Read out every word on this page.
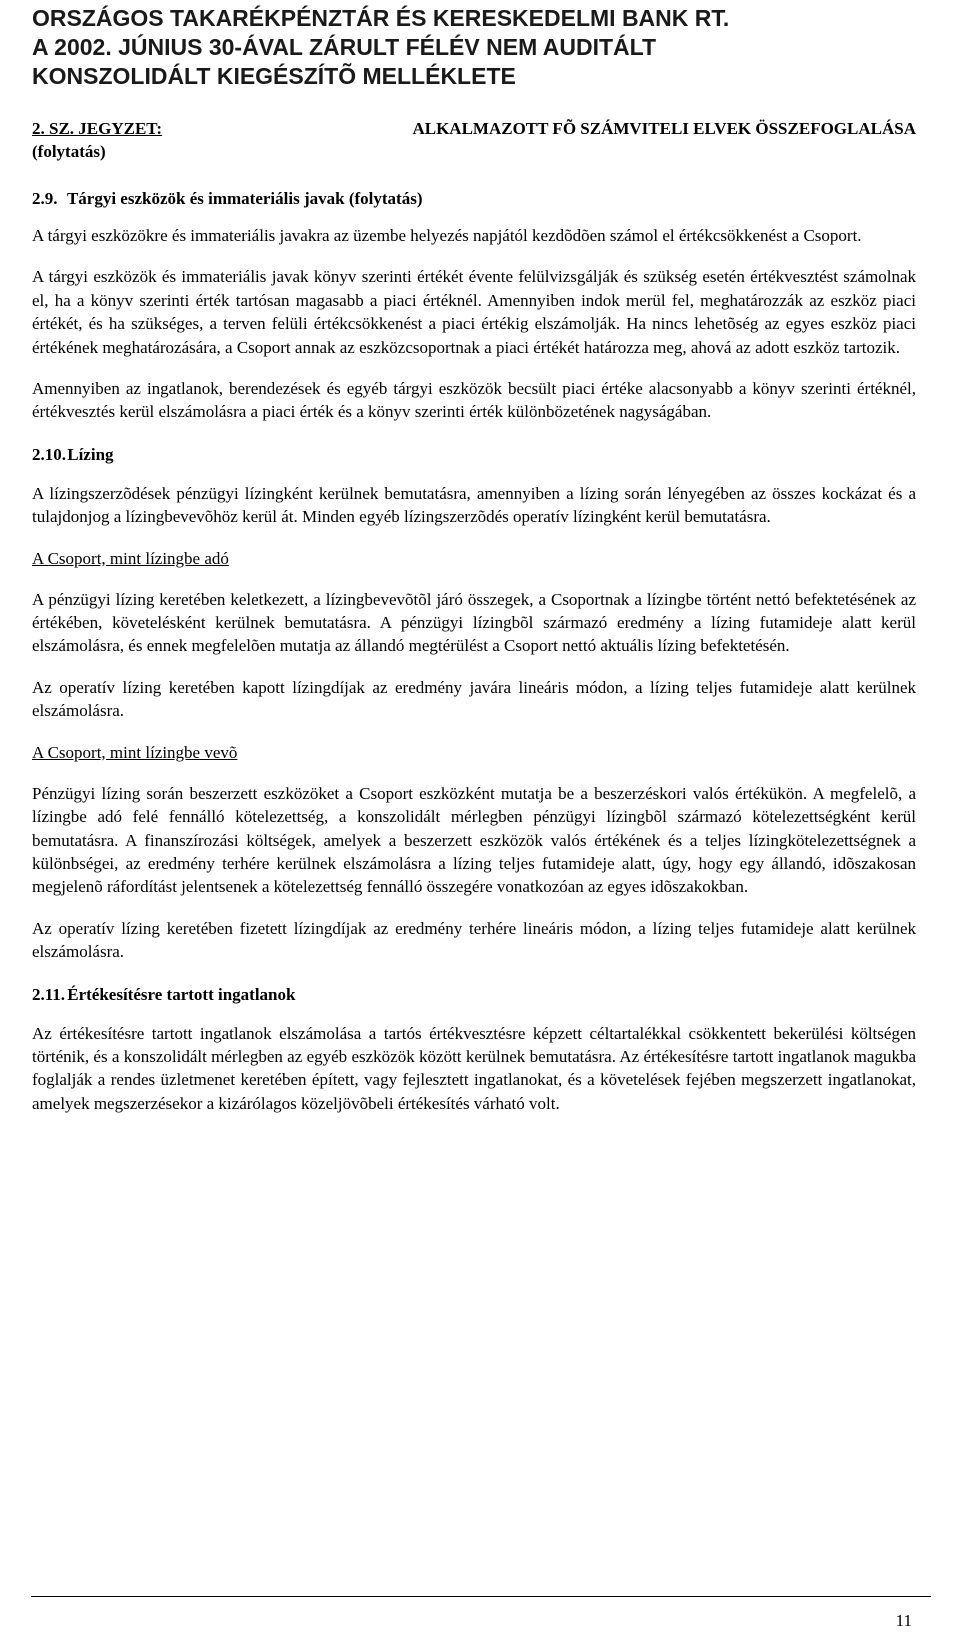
ORSZÁGOS TAKARÉKPÉNZTÁR ÉS KERESKEDELMI BANK RT.
A 2002. JÚNIUS 30-ÁVAL ZÁRULT FÉLÉV NEM AUDITÁLT
KONSZOLIDÁLT KIEGÉSZÍTÕ MELLÉKLETE
2. SZ. JEGYZET:	ALKALMAZOTT FÕ SZÁMVITELI ELVEK ÖSSZEFOGLALÁSA
(folytatás)
2.9. Tárgyi eszközök és immateriális javak (folytatás)

A tárgyi eszközökre és immateriális javakra az üzembe helyezés napjától kezdõdõen számol el értékcsökkenést a Csoport.

A tárgyi eszközök és immateriális javak könyv szerinti értékét évente felülvizsgálják és szükség esetén értékvesztést számolnak el, ha a könyv szerinti érték tartósan magasabb a piaci értéknél. Amennyiben indok merül fel, meghatározzák az eszköz piaci értékét, és ha szükséges, a terven felüli értékcsökkenést a piaci értékig elszámolják. Ha nincs lehetõség az egyes eszköz piaci értékének meghatározására, a Csoport annak az eszközcsoportnak a piaci értékét határozza meg, ahová az adott eszköz tartozik.

Amennyiben az ingatlanok, berendezések és egyéb tárgyi eszközök becsült piaci értéke alacsonyabb a könyv szerinti értéknél, értékvesztés kerül elszámolásra a piaci érték és a könyv szerinti érték különbözetének nagyságában.

2.10. Lízing

A lízingszerzõdések pénzügyi lízingként kerülnek bemutatásra, amennyiben a lízing során lényegében az összes kockázat és a tulajdonjog a lízingbevevõhöz kerül át. Minden egyéb lízingszerzõdés operatív lízingként kerül bemutatásra.

A Csoport, mint lízingbe adó

A pénzügyi lízing keretében keletkezett, a lízingbevevõtõl járó összegek, a Csoportnak a lízingbe történt nettó befektetésének az értékében, követelésként kerülnek bemutatásra. A pénzügyi lízingbõl származó eredmény a lízing futamideje alatt kerül elszámolásra, és ennek megfelelõen mutatja az állandó megtérülést a Csoport nettó aktuális lízing befektetésén.

Az operatív lízing keretében kapott lízingdíjak az eredmény javára lineáris módon, a lízing teljes futamideje alatt kerülnek elszámolásra.

A Csoport, mint lízingbe vevõ

Pénzügyi lízing során beszerzett eszközöket a Csoport eszközként mutatja be a beszerzéskori valós értékükön. A megfelelõ, a lízingbe adó felé fennálló kötelezettség, a konszolidált mérlegben pénzügyi lízingbõl származó kötelezettségként kerül bemutatásra. A finanszírozási költségek, amelyek a beszerzett eszközök valós értékének és a teljes lízingkötelezettségnek a különbségei, az eredmény terhére kerülnek elszámolásra a lízing teljes futamideje alatt, úgy, hogy egy állandó, idõszakosan megjelenõ ráfordítást jelentsenek a kötelezettség fennálló összegére vonatkozóan az egyes idõszakokban.

Az operatív lízing keretében fizetett lízingdíjak az eredmény terhére lineáris módon, a lízing teljes futamideje alatt kerülnek elszámolásra.

2.11. Értékesítésre tartott ingatlanok

Az értékesítésre tartott ingatlanok elszámolása a tartós értékvesztésre képzett céltartalékkal csökkentett bekerülési költségen történik, és a konszolidált mérlegben az egyéb eszközök között kerülnek bemutatásra. Az értékesítésre tartott ingatlanok magukba foglalják a rendes üzletmenet keretében épített, vagy fejlesztett ingatlanokat, és a követelések fejében megszerzett ingatlanokat, amelyek megszerzésekor a kizárólagos közeljövõbeli értékesítés várható volt.

11
